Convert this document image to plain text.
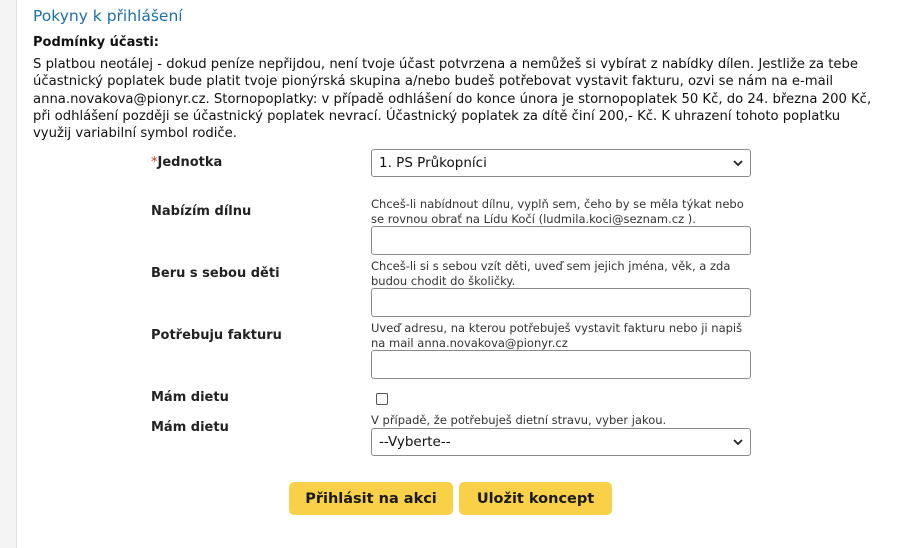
Pokyny k přihlášení
Podmínky účasti:

S platbou neotálej - dokud peníze nepřijdou, není tvoje účast potvrzena a nemůžeš si vybírat z nabídky dílen. Jestliže za tebe účastnický poplatek bude platit tvoje pionýrská skupina a/nebo budeš potřebovat vystavit fakturu, ozvi se nám na e-mail anna.novakova@pionyr.cz. Stornopoplatky: v případě odhlášení do konce února je stornopoplatek 50 Kč, do 24. března 200 Kč, při odhlášení později se účastnický poplatek nevrací. Účastnický poplatek za dítě činí 200,- Kč. K uhrazení tohoto poplatku využij variabilní symbol rodiče.

*Jednotka	1. PS Průkopníci
Nabízím dílnu	Chceš-li nabídnout dílnu, vyplň sem, čeho by se měla týkat nebo se rovnou obrať na Lídu Kočí (ludmila.koci@seznam.cz ).
Beru s sebou děti	Chceš-li si s sebou vzít děti, uveď sem jejich jména, věk, a zda budou chodit do školičky.
Potřebuju fakturu	Uveď adresu, na kterou potřebuješ vystavit fakturu nebo ji napiš na mail anna.novakova@pionyr.cz
Mám dietu
Mám dietu	V případě, že potřebuješ dietní stravu, vyber jakou.
--Vyberte--
Přihlásit na akci	Uložit koncept
